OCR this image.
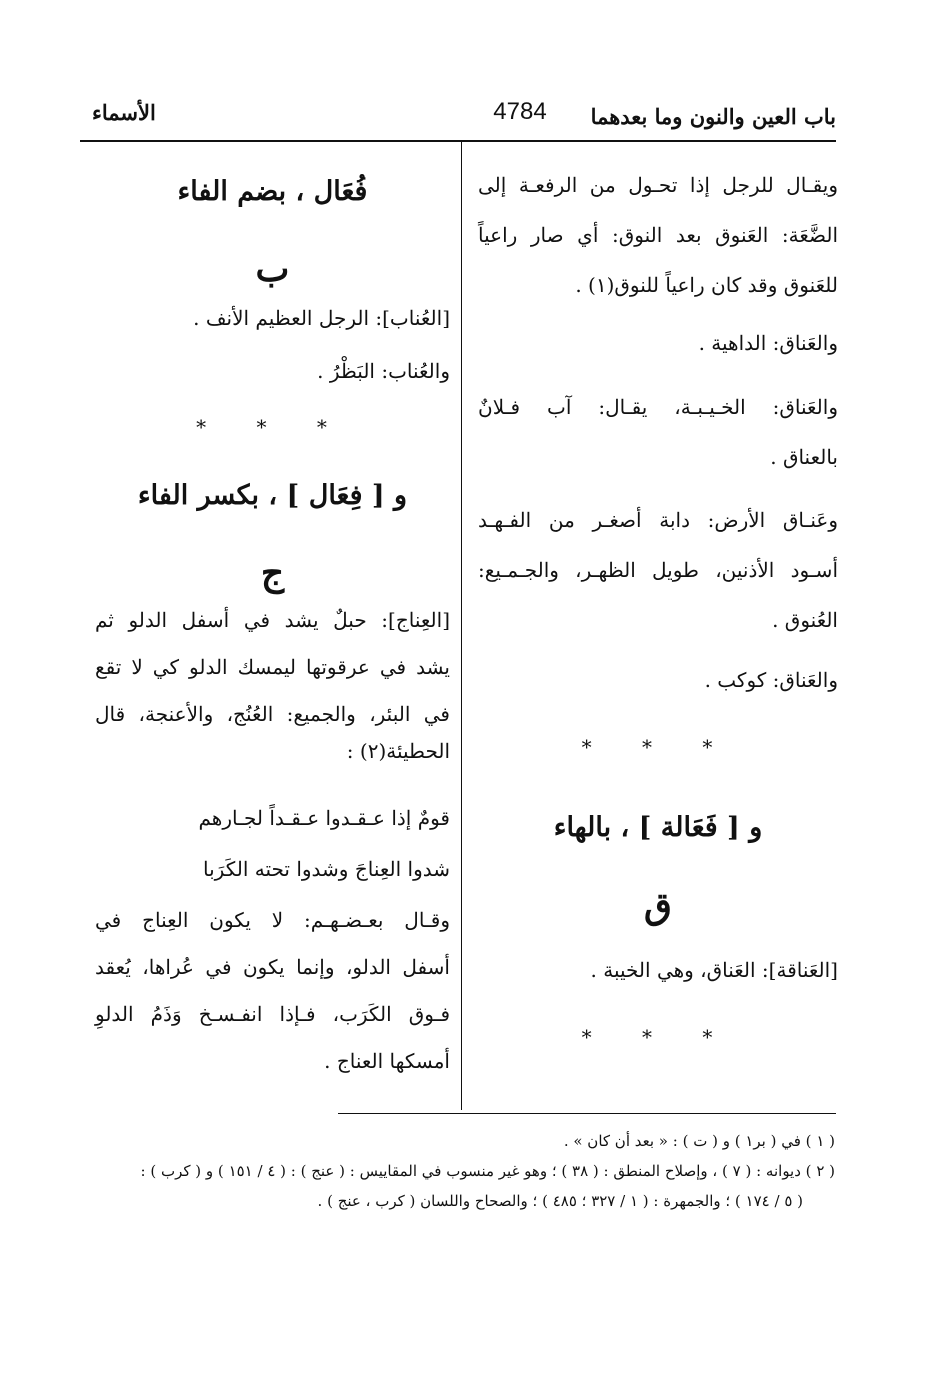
باب العين والنون وما بعدهما
4784
الأسماء
ويقـال للرجل إذا تحـول من الرفعـة إلى
الضَّعَة: العَنوق بعد النوق: أي صار راعياً
للعَنوق وقد كان راعياً للنوق(١) .
والعَناق: الداهية .
والعَناق: الخـيـبـة، يقـال: آب فـلانٌ
بالعناق .
وعَنـاق الأرض: دابة أصغـر من الفـهـد
أسـود الأذنين، طويل الظهـر، والجـمـيع:
العُنوق .
والعَناق: كوكب .
* * *
و [ فَعَالة ] ، بالهاء
ق
[العَناقة]: العَناق، وهي الخيبة .
* * *
فُعَال ، بضم الفاء
ب
[العُناب]: الرجل العظيم الأنف .
والعُناب: البَظْرُ .
* * *
و [ فِعَال ] ، بكسر الفاء
ج
[العِناج]: حبلٌ يشد في أسفل الدلو ثم
يشد في عرقوتها ليمسك الدلو كي لا تقع
في البئر، والجميع: العُنُج، والأعنجة، قال
الحطيئة(٢) :
قومٌ إذا عـقـدوا عـقـداً لجـارهم
شدوا العِناجَ وشدوا تحته الكَرَبا
وقـال بعـضـهـم: لا يكون العِناج في
أسفل الدلو، وإنما يكون في عُراها، يُعقد
فـوق الكَرَب، فـإذا انفـسـخ وَذَمُ الدلوِ
أمسكها العناج .
( ١ ) في ( بر١ ) و ( ت ) : « بعد أن كان » .
( ٢ ) ديوانه : ( ٧ ) ، وإصلاح المنطق : ( ٣٨ ) ؛ وهو غير منسوب في المقاييس : ( عنج ) : ( ٤ / ١٥١ ) و ( كرب ) :
( ٥ / ١٧٤ ) ؛ والجمهرة : ( ١ / ٣٢٧ ؛ ٤٨٥ ) ؛ والصحاح واللسان ( كرب ، عنج ) .
